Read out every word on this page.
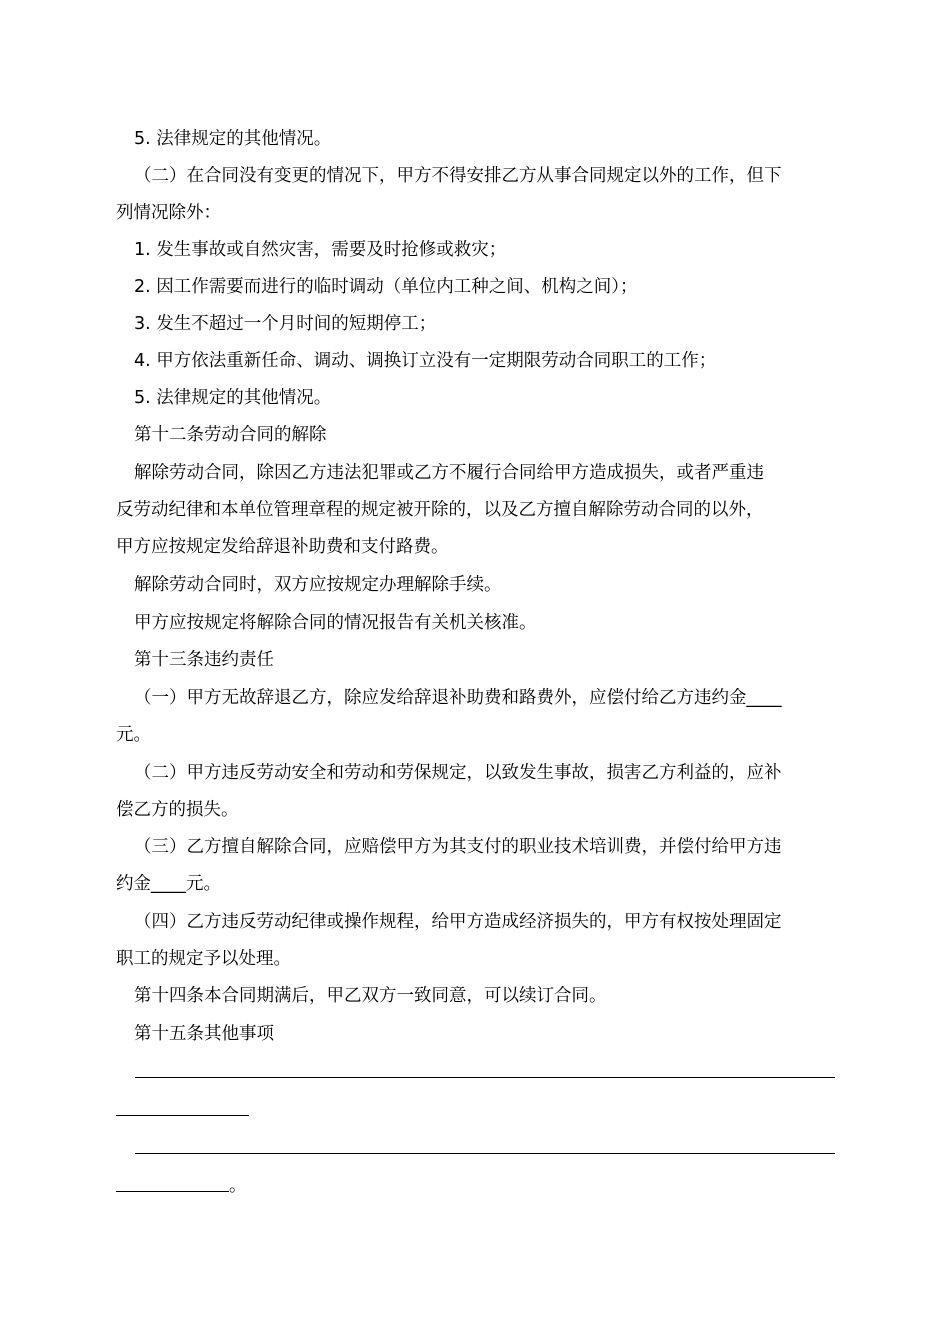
5. 法律规定的其他情况。
（二）在合同没有变更的情况下，甲方不得安排乙方从事合同规定以外的工作，但下
列情况除外：
1. 发生事故或自然灾害，需要及时抢修或救灾；
2. 因工作需要而进行的临时调动（单位内工种之间、机构之间）；
3. 发生不超过一个月时间的短期停工；
4. 甲方依法重新任命、调动、调换订立没有一定期限劳动合同职工的工作；
5. 法律规定的其他情况。
第十二条劳动合同的解除
解除劳动合同，除因乙方违法犯罪或乙方不履行合同给甲方造成损失，或者严重违
反劳动纪律和本单位管理章程的规定被开除的，以及乙方擅自解除劳动合同的以外，
甲方应按规定发给辞退补助费和支付路费。
解除劳动合同时，双方应按规定办理解除手续。
甲方应按规定将解除合同的情况报告有关机关核准。
第十三条违约责任
（一）甲方无故辞退乙方，除应发给辞退补助费和路费外，应偿付给乙方违约金____
元。
（二）甲方违反劳动安全和劳动和劳保规定，以致发生事故，损害乙方利益的，应补
偿乙方的损失。
（三）乙方擅自解除合同，应赔偿甲方为其支付的职业技术培训费，并偿付给甲方违
约金____元。
（四）乙方违反劳动纪律或操作规程，给甲方造成经济损失的，甲方有权按处理固定
职工的规定予以处理。
第十四条本合同期满后，甲乙双方一致同意，可以续订合同。
第十五条其他事项
。
